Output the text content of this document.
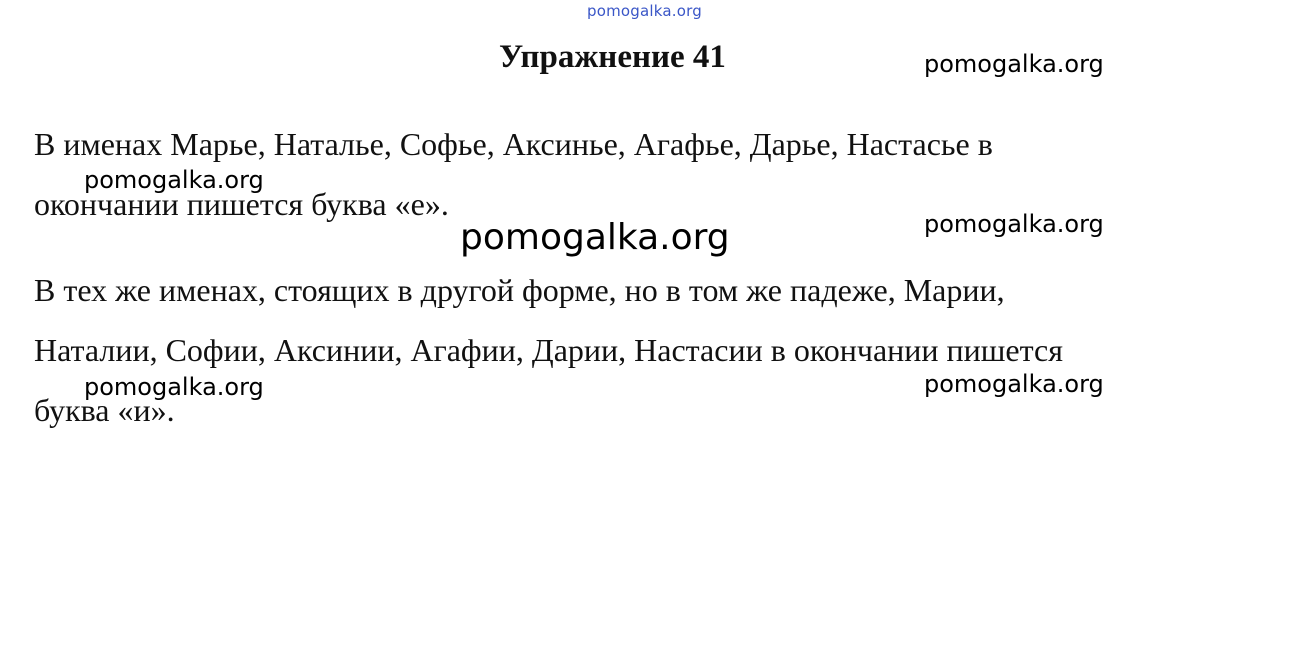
pomogalka.org
Упражнение 41
В именах Марье, Наталье, Софье, Аксинье, Агафье, Дарье, Настасье в
окончании пишется буква «е».
В тех же именах, стоящих в другой форме, но в том же падеже, Марии,
Наталии, Софии, Аксинии, Агафии, Дарии, Настасии в окончании пишется
буква «и».
pomogalka.org
pomogalka.org
pomogalka.org
pomogalka.org
pomogalka.org
pomogalka.org
